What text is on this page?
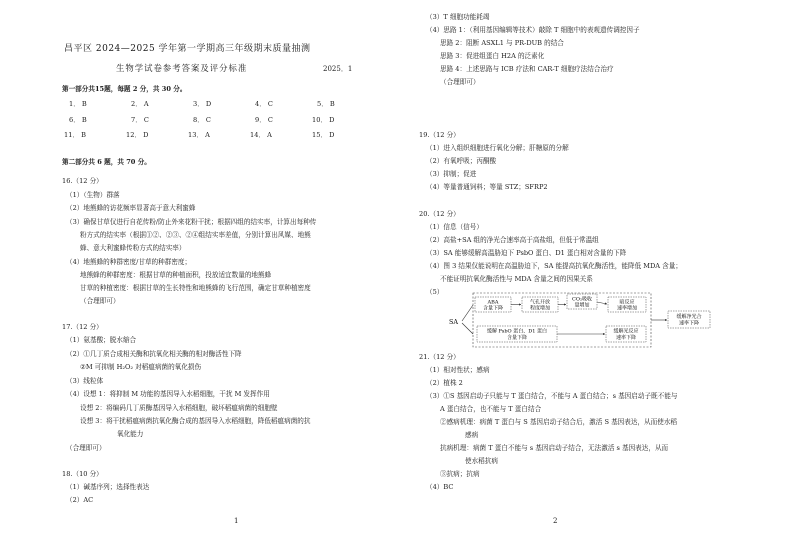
昌平区 2024—2025 学年第一学期高三年级期末质量抽测
生物学试卷参考答案及评分标准	2025．1
第一部分共15题，每题 2 分，共 30 分。
1． B	2． A	3． D	4． C	5． B
6． B	7． C	8． C	9． C	10． D
11． B	12． D	13． A	14． A	15． D
第二部分共 6 题，共 70 分。
16.（12 分）
（1）（生物）群落
（2）地熊蜂的访花频率显著高于意大利蜜蜂
（3）确保甘草仅进行自花传粉/防止外来花粉干扰；根据四组的结实率，计算出每种传
粉方式的结实率（根据①②、②③、②④组结实率差值，分别计算出风媒、地熊
蜂、意大利蜜蜂传粉方式的结实率）
（4）地熊蜂的种群密度/甘草的种群密度；
地熊蜂的种群密度：根据甘草的种植面积，投放适宜数量的地熊蜂
甘草的种植密度：根据甘草的生长特性和地熊蜂的飞行范围，确定甘草种植密度
（合理即可）
17.（12 分）
（1）氨基酸；脱水缩合
（2）①几丁质合成相关酶和抗氧化相关酶的相对酶活性下降
②M 可抑制 H₂O₂ 对稻瘟病菌的氧化损伤
（3）线粒体
（4）设想 1：将抑制 M 功能的基因导入水稻细胞，干扰 M 发挥作用
设想 2：将编码几丁质酶基因导入水稻细胞，破坏稻瘟病菌的细胞壁
设想 3：将干扰稻瘟病菌抗氧化酶合成的基因导入水稻细胞，降低稻瘟病菌的抗
氧化能力
（合理即可）
18.（10 分）
（1）碱基序列；选择性表达
（2）AC
1
（3）T 细胞功能耗竭
（4）思路 1：（利用基因编辑等技术）敲除 T 细胞中的表观遗传调控因子
思路 2：阻断 ASXL1 与 PR-DUB 的结合
思路 3：促进组蛋白 H2A 的泛素化
思路 4：上述思路与 ICB 疗法和 CAR-T 细胞疗法结合治疗
（合理即可）
19.（12 分）
（1）进入组织细胞进行氧化分解；肝糖原的分解
（2）有氧呼吸；丙酮酸
（3）抑制；促进
（4）等量普通饲料；等量 STZ；SFRP2
20.（12 分）
（1）信息（信号）
（2）高盐+SA 组的净光合速率高于高盐组，但低于常温组
（3）SA 能够缓解高温胁迫下 PsbO 蛋白、D1 蛋白相对含量的下降
（4）图 3 结果仅能说明在高温胁迫下，SA 能提高抗氧化酶活性，能降低 MDA 含量；
不能证明抗氧化酶活性与 MDA 含量之间的因果关系
（5）
SA
ABA
含量下降
气孔开放
程度增加
CO₂吸收
量增加	暗反应
速率增加
缓解 PsbO 蛋白、D1 蛋白
含量下降
缓解光反应
速率下降
缓解净光合
速率下降
21.（12 分）
（1）相对性状；感病
（2）植株 2
（3）①S 基因启动子只能与 T 蛋白结合，不能与 A 蛋白结合；s 基因启动子既不能与
A 蛋白结合，也不能与 T 蛋白结合
②感病机理：病菌 T 蛋白与 S 基因启动子结合后，激活 S 基因表达，从而使水稻
感病
抗病机理：病菌 T 蛋白不能与 s 基因启动子结合，无法激活 s 基因表达，从而
使水稻抗病
③抗病；抗病
（4）BC
2
